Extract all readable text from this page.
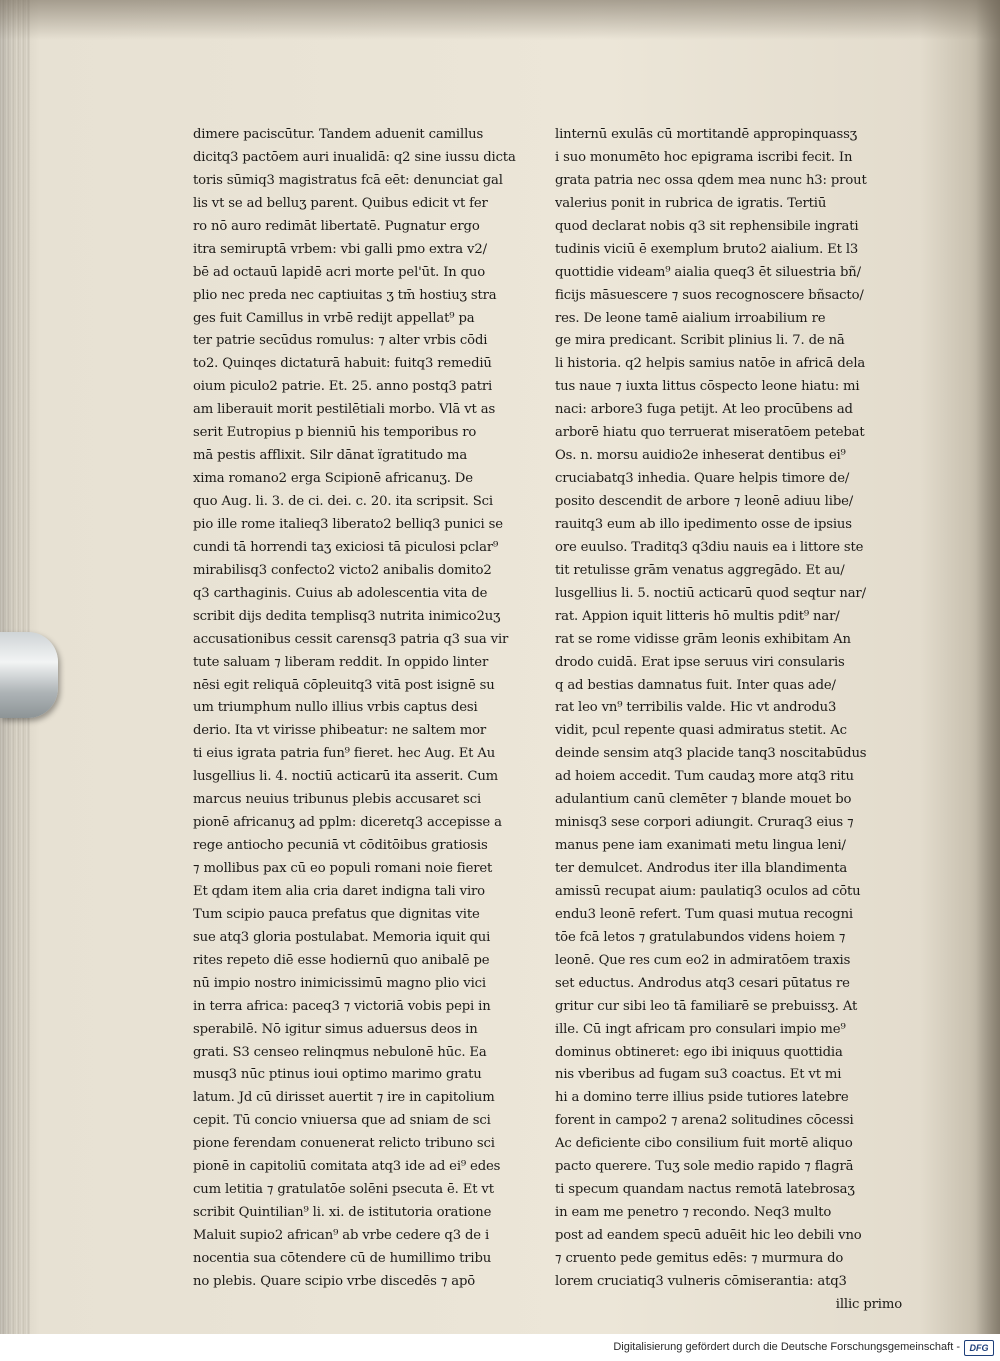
dimere paciscūtur. Tandem aduenit camillus
dicitq3 pactōem auri inualidā: q2 sine iussu dicta
toris sūmiq3 magistratus fcā eēt: denunciat gal
lis vt se ad belluʒ parent. Quibus edicit vt fer
ro nō auro redimāt libertatē. Pugnatur ergo
itra semiruptā vrbem: vbi galli pmo extra v2/
bē ad octauū lapidē acri morte pel'ūt. In quo
plio nec preda nec captiuitas ʒ tm̄ hostiuʒ stra
ges fuit Camillus in vrbē redijt appellat⁹ pa
ter patrie secūdus romulus: ⁊ alter vrbis cōdi
to2. Quinqes dictaturā habuit: fuitq3 remediū
oium piculo2 patrie. Et. 25. anno postq3 patri
am liberauit morit pestilētiali morbo. Vlā vt as
serit Eutropius p bienniū his temporibus ro
mā pestis afflixit. Silr dānat ïgratitudo ma
xima romano2 erga Scipionē africanuʒ. De
quo Aug. li. 3. de ci. dei. c. 20. ita scripsit. Sci
pio ille rome italieq3 liberato2 belliq3 punici se
cundi tā horrendi taʒ exiciosi tā piculosi pclar⁹
mirabilisq3 confecto2 victo2 anibalis domito2
q3 carthaginis. Cuius ab adolescentia vita de
scribit dijs dedita templisq3 nutrita inimico2uʒ
accusationibus cessit carensq3 patria q3 sua vir
tute saluam ⁊ liberam reddit. In oppido linter
nēsi egit reliquā cōpleuitq3 vitā post isignē su
um triumphum nullo illius vrbis captus desi
derio. Ita vt virisse phibeatur: ne saltem mor
ti eius igrata patria fun⁹ fieret. hec Aug. Et Au
lusgellius li. 4. noctiū acticarū ita asserit. Cum
marcus neuius tribunus plebis accusaret sci
pionē africanuʒ ad pplm: diceretq3 accepisse a
rege antiocho pecuniā vt cōditōibus gratiosis
⁊ mollibus pax cū eo populi romani noie fieret
Et qdam item alia cria daret indigna tali viro
Tum scipio pauca prefatus que dignitas vite
sue atq3 gloria postulabat. Memoria iquit qui
rites repeto diē esse hodiernū quo anibalē pe
nū impio nostro inimicissimū magno plio vici
in terra africa: paceq3 ⁊ victoriā vobis pepi in
sperabilē. Nō igitur simus aduersus deos in
grati. S3 censeo relinqmus nebulonē hūc. Ea
musq3 nūc ptinus ioui optimo marimo gratu
latum. Jd cū dirisset auertit ⁊ ire in capitolium
cepit. Tū concio vniuersa que ad sniam de sci
pione ferendam conuenerat relicto tribuno sci
pionē in capitoliū comitata atq3 ide ad ei⁹ edes
cum letitia ⁊ gratulatōe solēni psecuta ē. Et vt
scribit Quintilian⁹ li. xi. de istitutoria oratione
Maluit supio2 african⁹ ab vrbe cedere q3 de i
nocentia sua cōtendere cū de humillimo tribu
no plebis. Quare scipio vrbe discedēs ⁊ apō
linternū exulās cū mortitandē appropinquassʒ
i suo monumēto hoc epigrama iscribi fecit. In
grata patria nec ossa qdem mea nunc h3: prout
valerius ponit in rubrica de igratis. Tertiū
quod declarat nobis q3 sit rephensibile ingrati
tudinis viciū ē exemplum bruto2 aialium. Et l3
quottidie videam⁹ aialia queq3 ēt siluestria bñ/
ficijs māsuescere ⁊ suos recognoscere bñsacto/
res. De leone tamē aialium irroabilium re
ge mira predicant. Scribit plinius li. 7. de nā
li historia. q2 helpis samius natōe in africā dela
tus naue ⁊ iuxta littus cōspecto leone hiatu: mi
naci: arbore3 fuga petijt. At leo procūbens ad
arborē hiatu quo terruerat miseratōem petebat
Os. n. morsu auidio2e inheserat dentibus ei⁹
cruciabatq3 inhedia. Quare helpis timore de/
posito descendit de arbore ⁊ leonē adiuu libe/
rauitq3 eum ab illo ipedimento osse de ipsius
ore euulso. Traditq3 q3diu nauis ea i littore ste
tit retulisse grām venatus aggregādo. Et au/
lusgellius li. 5. noctiū acticarū quod seqtur nar/
rat. Appion iquit litteris hō multis pdit⁹ nar/
rat se rome vidisse grām leonis exhibitam An
drodo cuidā. Erat ipse seruus viri consularis
q ad bestias damnatus fuit. Inter quas ade/
rat leo vn⁹ terribilis valde. Hic vt androdu3
vidit, pcul repente quasi admiratus stetit. Ac
deinde sensim atq3 placide tanq3 noscitabūdus
ad hoiem accedit. Tum caudaʒ more atq3 ritu
adulantium canū clemēter ⁊ blande mouet bo
minisq3 sese corpori adiungit. Cruraq3 eius ⁊
manus pene iam exanimati metu lingua leni/
ter demulcet. Androdus iter illa blandimenta
amissū recupat aium: paulatiq3 oculos ad cōtu
endu3 leonē refert. Tum quasi mutua recogni
tōe fcā letos ⁊ gratulabundos videns hoiem ⁊
leonē. Que res cum eo2 in admiratōem traxis
set eductus. Androdus atq3 cesari pūtatus re
gritur cur sibi leo tā familiarē se prebuissʒ. At
ille. Cū ingt africam pro consulari impio me⁹
dominus obtineret: ego ibi iniquus quottidia
nis vberibus ad fugam su3 coactus. Et vt mi
hi a domino terre illius pside tutiores latebre
forent in campo2 ⁊ arena2 solitudines cōcessi
Ac deficiente cibo consilium fuit mortē aliquo
pacto querere. Tuʒ sole medio rapido ⁊ flagrā
ti specum quandam nactus remotā latebrosaʒ
in eam me penetro ⁊ recondo. Neq3 multo
post ad eandem specū aduēit hic leo debili vno
⁊ cruento pede gemitus edēs: ⁊ murmura do
lorem cruciatiq3 vulneris cōmiserantia: atq3
illic primo
Digitalisierung gefördert durch die Deutsche Forschungsgemeinschaft -	DFG
